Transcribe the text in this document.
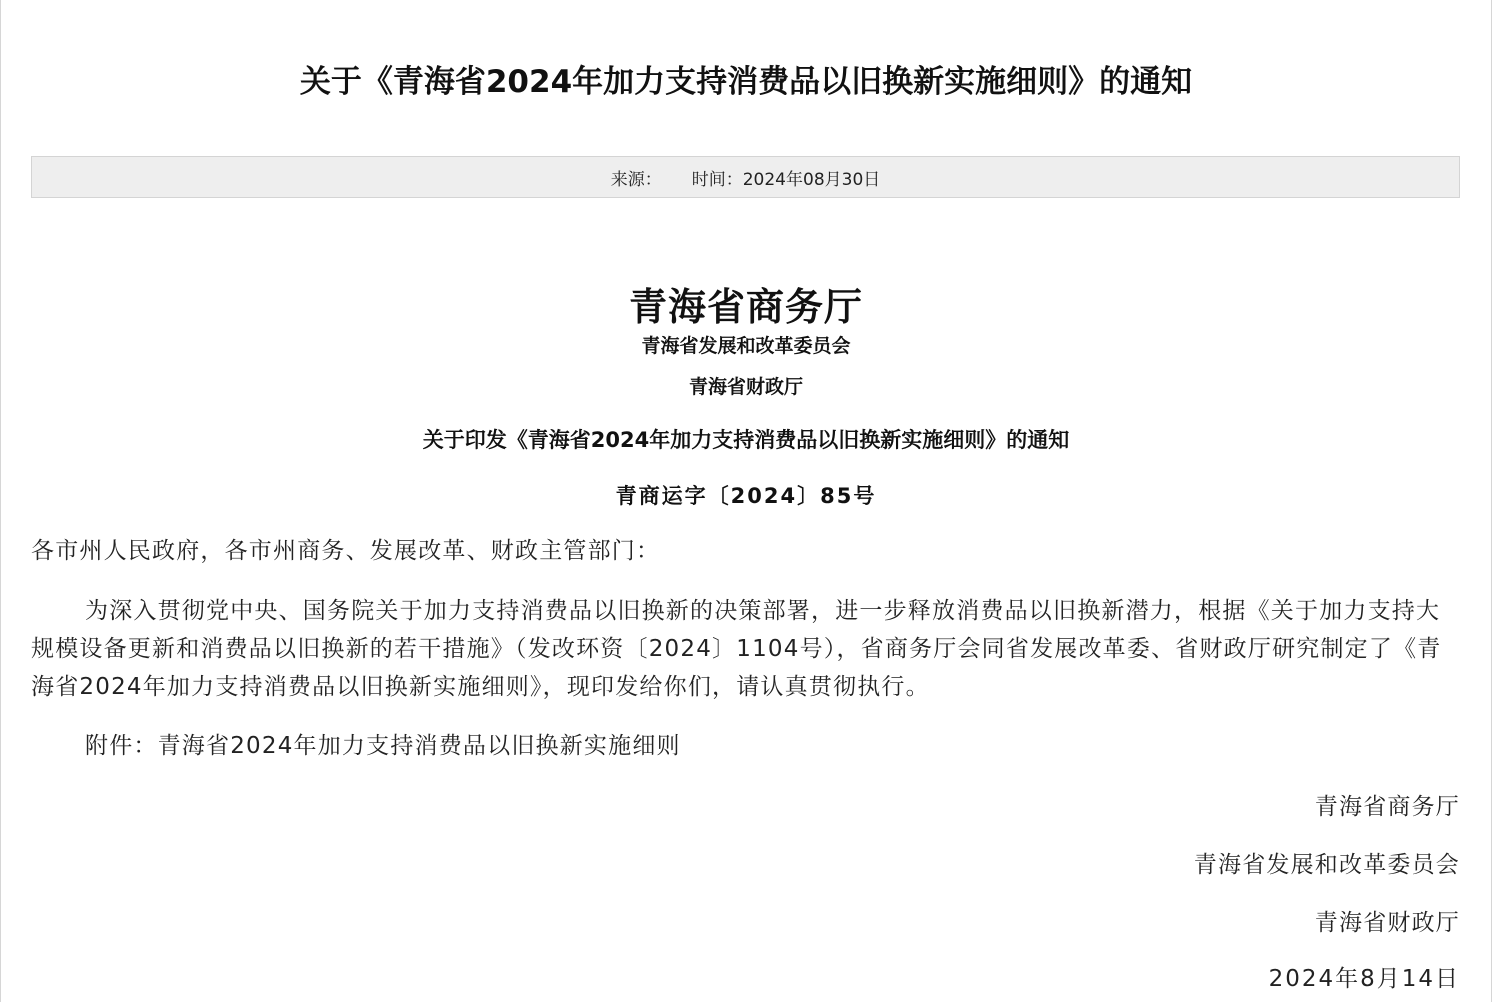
关于《青海省2024年加力支持消费品以旧换新实施细则》的通知
来源： 时间： 2024年08月30日
青海省商务厅
青海省发展和改革委员会
青海省财政厅
关于印发《青海省2024年加力支持消费品以旧换新实施细则》的通知
青商运字〔2024〕85号
各市州人民政府，各市州商务、发展改革、财政主管部门：
为深入贯彻党中央、国务院关于加力支持消费品以旧换新的决策部署，进一步释放消费品以旧换新潜力，根据《关于加力支持大规模设备更新和消费品以旧换新的若干措施》（发改环资〔2024〕1104号），省商务厅会同省发展改革委、省财政厅研究制定了《青海省2024年加力支持消费品以旧换新实施细则》，现印发给你们，请认真贯彻执行。
附件：青海省2024年加力支持消费品以旧换新实施细则
青海省商务厅
青海省发展和改革委员会
青海省财政厅
2024年8月14日
